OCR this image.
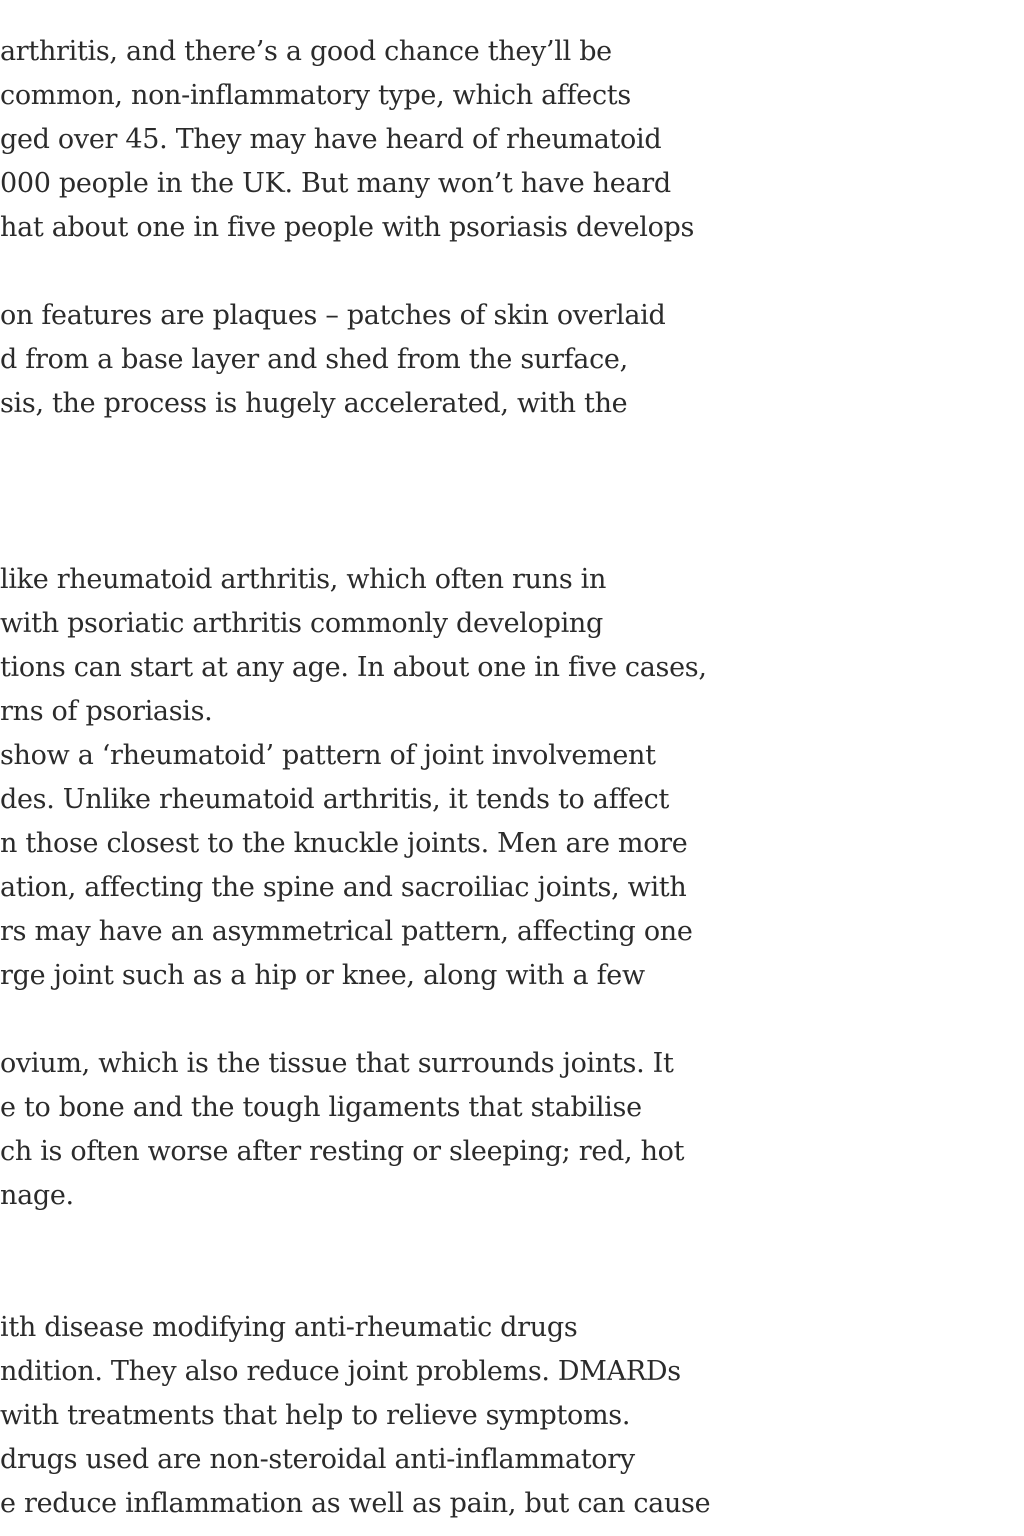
arthritis, and there’s a good chance they’ll be
common, non-inflammatory type, which affects
ged over 45. They may have heard of rheumatoid
000 people in the UK. But many won’t have heard
hat about one in five people with psoriasis develops
on features are plaques – patches of skin overlaid
d from a base layer and shed from the surface,
sis, the process is hugely accelerated, with the
like rheumatoid arthritis, which often runs in
with psoriatic arthritis commonly developing
tions can start at any age. In about one in five cases,
rns of psoriasis.
show a ‘rheumatoid’ pattern of joint involvement
des. Unlike rheumatoid arthritis, it tends to affect
n those closest to the knuckle joints. Men are more
ation, affecting the spine and sacroiliac joints, with
rs may have an asymmetrical pattern, affecting one
rge joint such as a hip or knee, along with a few
ovium, which is the tissue that surrounds joints. It
e to bone and the tough ligaments that stabilise
ch is often worse after resting or sleeping; red, hot
nage.
ith disease modifying anti-rheumatic drugs
ndition. They also reduce joint problems. DMARDs
with treatments that help to relieve symptoms.
drugs used are non-steroidal anti-inflammatory
e reduce inflammation as well as pain, but can cause
